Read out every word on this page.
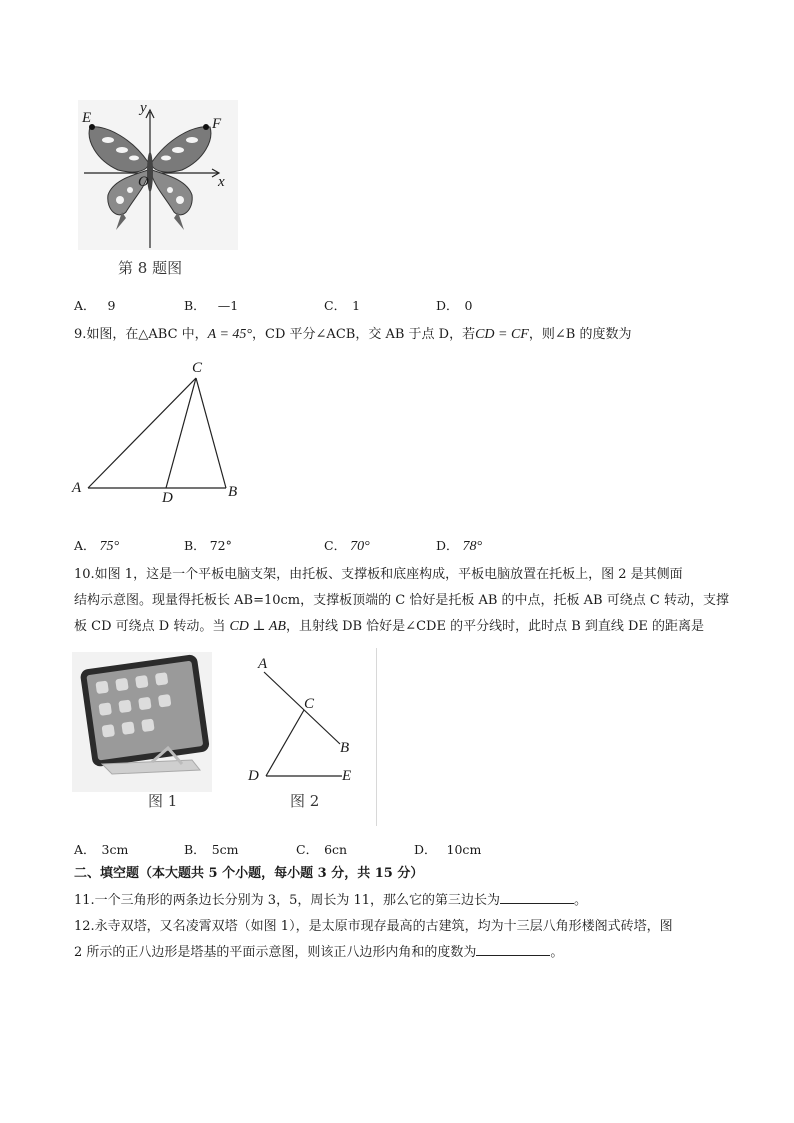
E	F
y
x
O
第 8 题图
A． 9	B． —1	C． 1	D． 0
9.如图，在△ABC 中，A = 45°，CD 平分∠ACB，交 AB 于点 D，若CD = CF，则∠B 的度数为
A	B
C
D
A． 75°	B． 72°	C． 70°	D． 78°
10.如图 1，这是一个平板电脑支架，由托板、支撑板和底座构成，平板电脑放置在托板上，图 2 是其侧面
结构示意图。现量得托板长 AB=10cm，支撑板顶端的 C 恰好是托板 AB 的中点，托板 AB 可绕点 C 转动，支撑
板 CD 可绕点 D 转动。当 CD ⊥ AB，且射线 DB 恰好是∠CDE 的平分线时，此时点 B 到直线 DE 的距离是
图 1
A
C
B
D	E
图 2
A． 3cm	B． 5cm	C． 6cn	D． 10cm
二、填空题（本大题共 5 个小题，每小题 3 分，共 15 分）
11.一个三角形的两条边长分别为 3，5，周长为 11，那么它的第三边长为	。
12.永寺双塔，又名凌霄双塔（如图 1），是太原市现存最高的古建筑，均为十三层八角形楼阁式砖塔，图
2 所示的正八边形是塔基的平面示意图，则该正八边形内角和的度数为	。
